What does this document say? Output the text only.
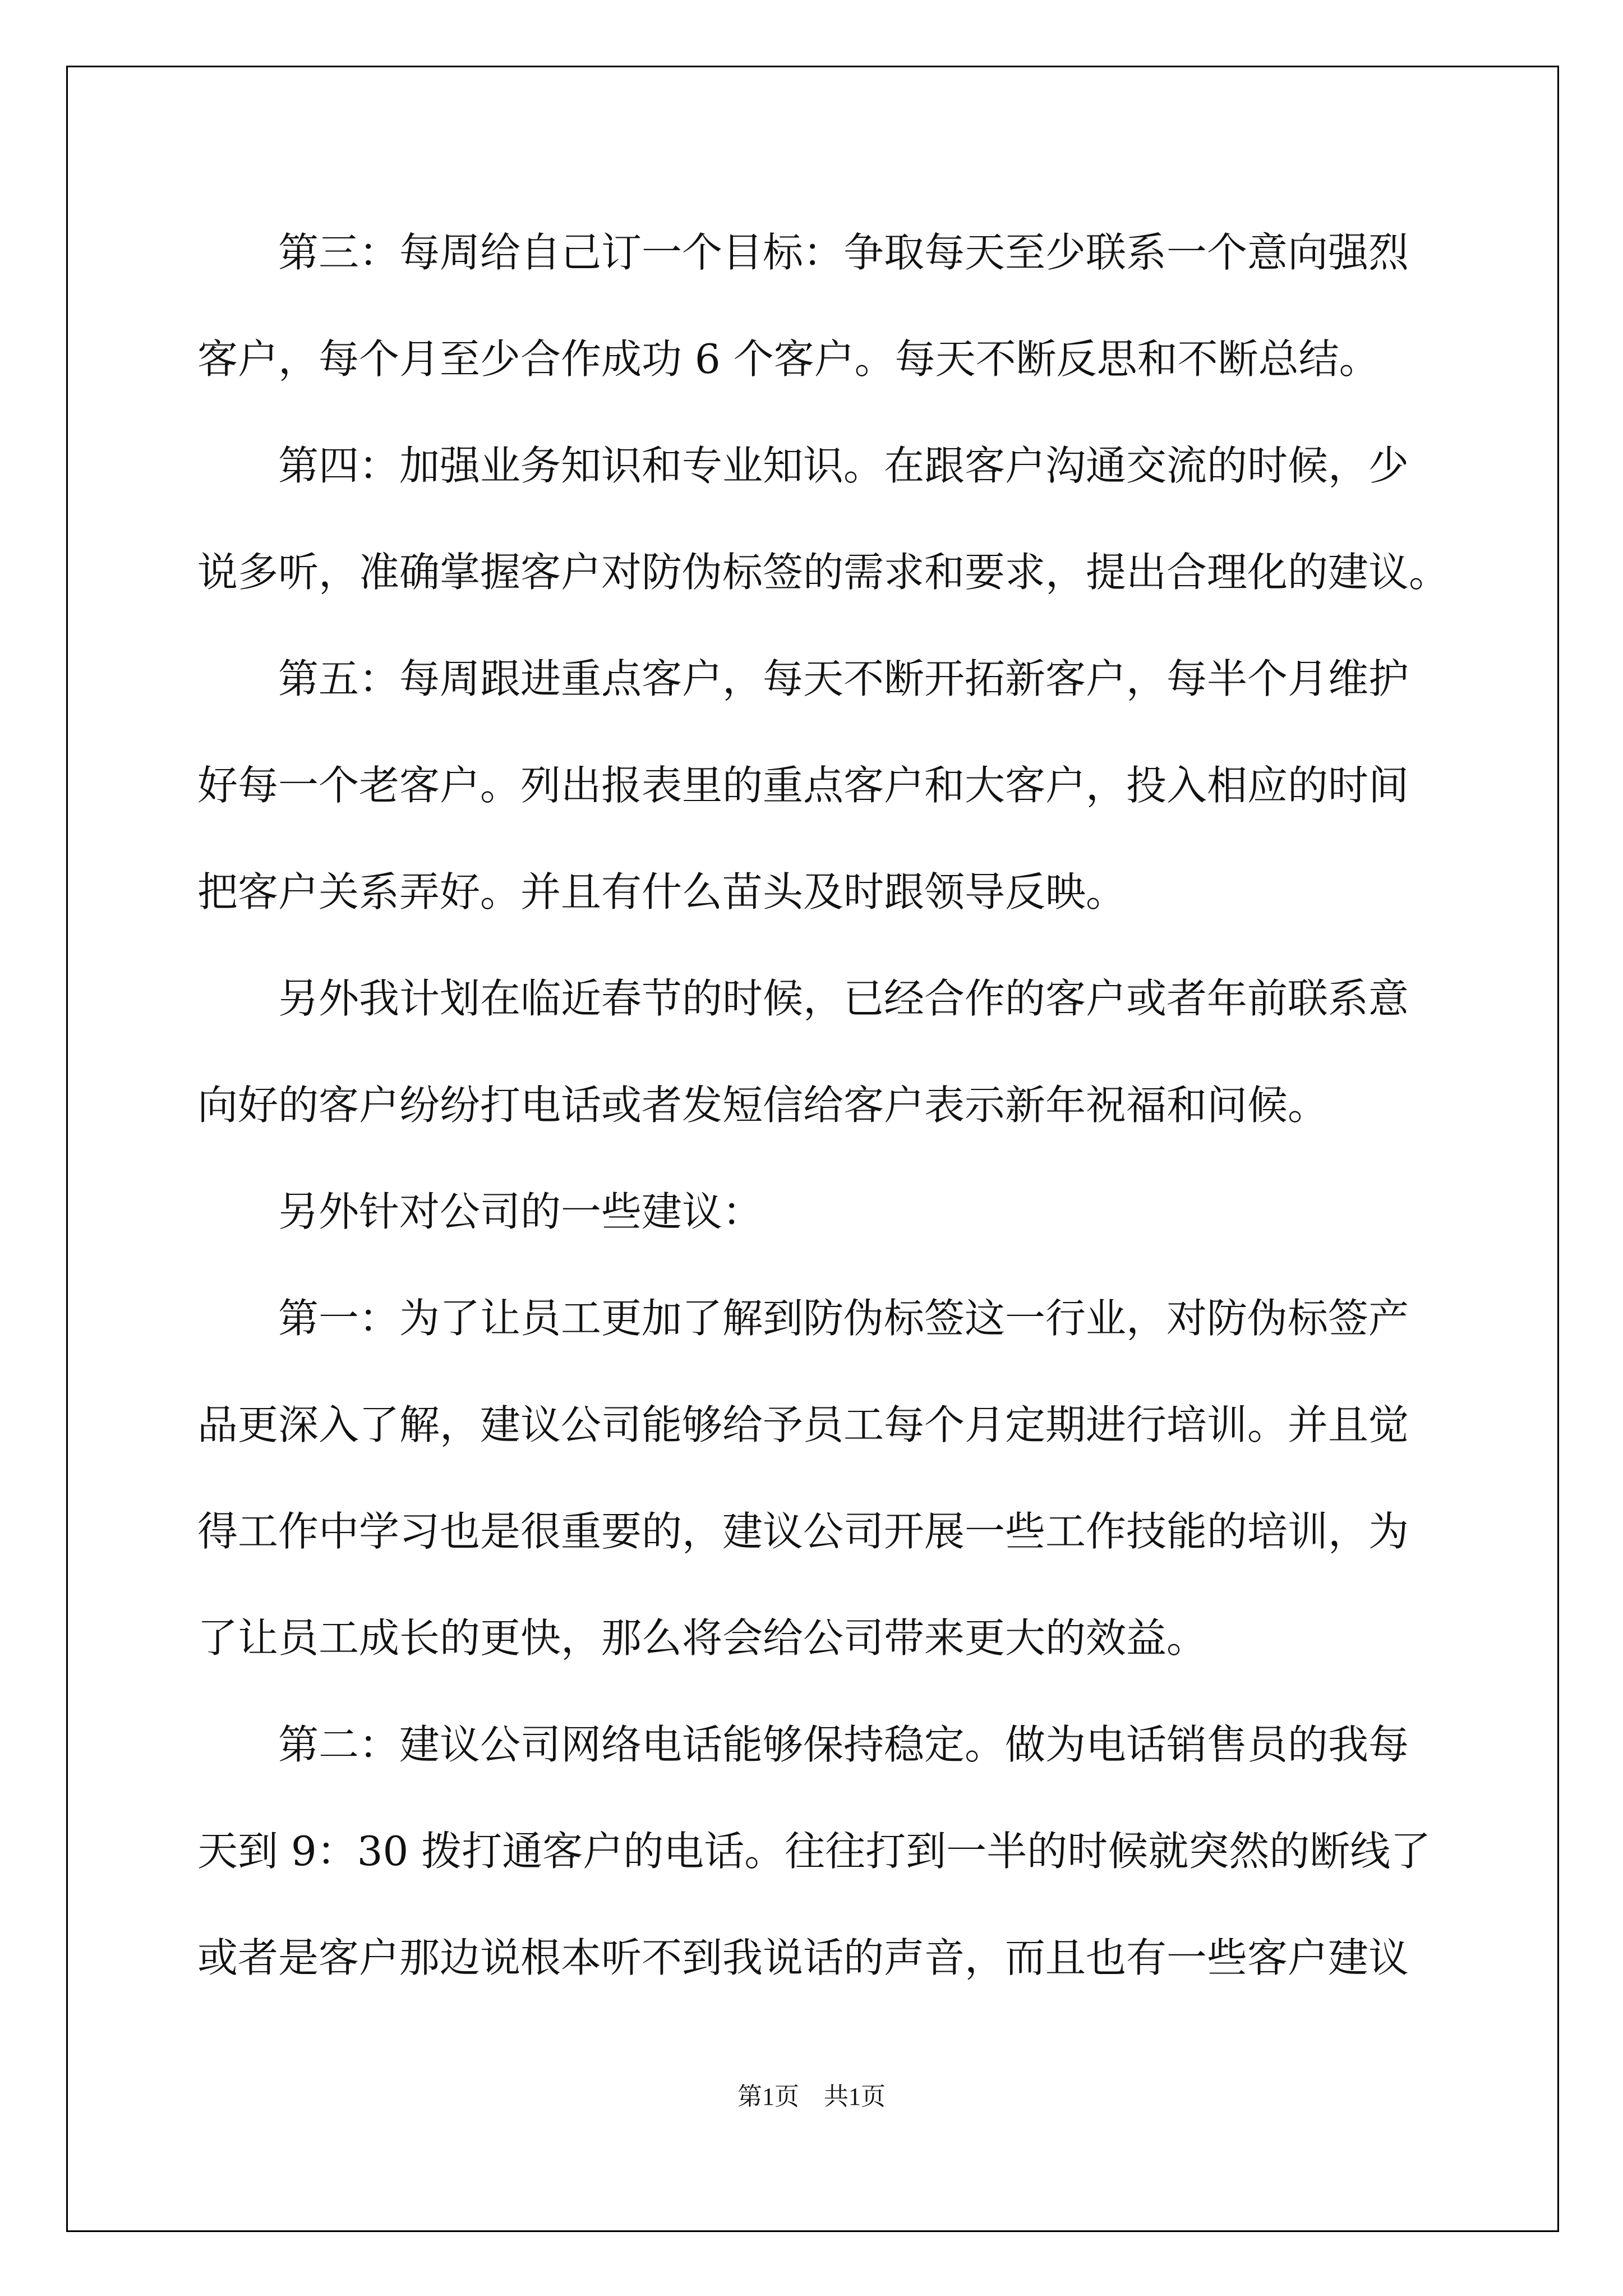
第三：每周给自己订一个目标：争取每天至少联系一个意向强烈
客户，每个月至少合作成功 6 个客户。每天不断反思和不断总结。
第四：加强业务知识和专业知识。在跟客户沟通交流的时候，少
说多听，准确掌握客户对防伪标签的需求和要求，提出合理化的建议。
第五：每周跟进重点客户，每天不断开拓新客户，每半个月维护
好每一个老客户。列出报表里的重点客户和大客户，投入相应的时间
把客户关系弄好。并且有什么苗头及时跟领导反映。
另外我计划在临近春节的时候，已经合作的客户或者年前联系意
向好的客户纷纷打电话或者发短信给客户表示新年祝福和问候。
另外针对公司的一些建议：
第一：为了让员工更加了解到防伪标签这一行业，对防伪标签产
品更深入了解，建议公司能够给予员工每个月定期进行培训。并且觉
得工作中学习也是很重要的，建议公司开展一些工作技能的培训，为
了让员工成长的更快，那么将会给公司带来更大的效益。
第二：建议公司网络电话能够保持稳定。做为电话销售员的我每
天到 9：30 拨打通客户的电话。往往打到一半的时候就突然的断线了
或者是客户那边说根本听不到我说话的声音，而且也有一些客户建议
第1页　共1页
